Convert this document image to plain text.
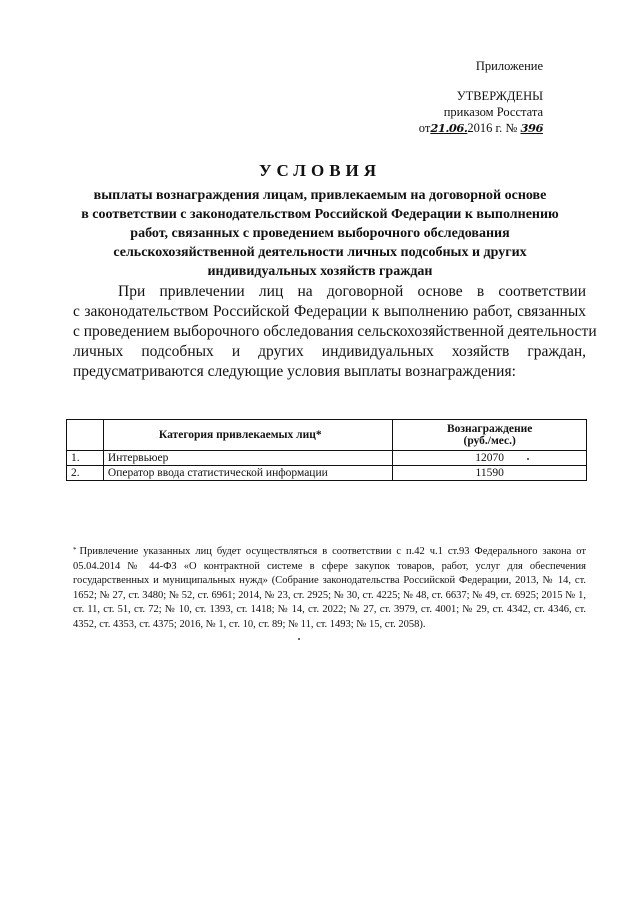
Приложение
УТВЕРЖДЕНЫ
приказом Росстата
от21.06.2016 г. № 396
УСЛОВИЯ
выплаты вознаграждения лицам, привлекаемым на договорной основе
в соответствии с законодательством Российской Федерации к выполнению
работ, связанных с проведением выборочного обследования
сельскохозяйственной деятельности личных подсобных и других
индивидуальных хозяйств граждан
При привлечении лиц на договорной основе в соответствии
с законодательством Российской Федерации к выполнению работ, связанных
с проведением выборочного обследования сельскохозяйственной деятельности
личных подсобных и других индивидуальных хозяйств граждан,
предусматриваются следующие условия выплаты вознаграждения:
	Категория привлекаемых лиц*	Вознаграждение
(руб./мес.)

1.	Интервьюер	12070
2.	Оператор ввода статистической информации	11590
* Привлечение указанных лиц будет осуществляться в соответствии с п.42 ч.1 ст.93 Федерального закона от 05.04.2014 № 44-ФЗ «О контрактной системе в сфере закупок товаров, работ, услуг для обеспечения государственных и муниципальных нужд» (Собрание законодательства Российской Федерации, 2013, № 14, ст. 1652; № 27, ст. 3480; № 52, ст. 6961; 2014, № 23, ст. 2925; № 30, ст. 4225; № 48, ст. 6637; № 49, ст. 6925; 2015 № 1, ст. 11, ст. 51, ст. 72; № 10, ст. 1393, ст. 1418; № 14, ст. 2022; № 27, ст. 3979, ст. 4001; № 29, ст. 4342, ст. 4346, ст. 4352, ст. 4353, ст. 4375; 2016, № 1, ст. 10, ст. 89; № 11, ст. 1493; № 15, ст. 2058).
